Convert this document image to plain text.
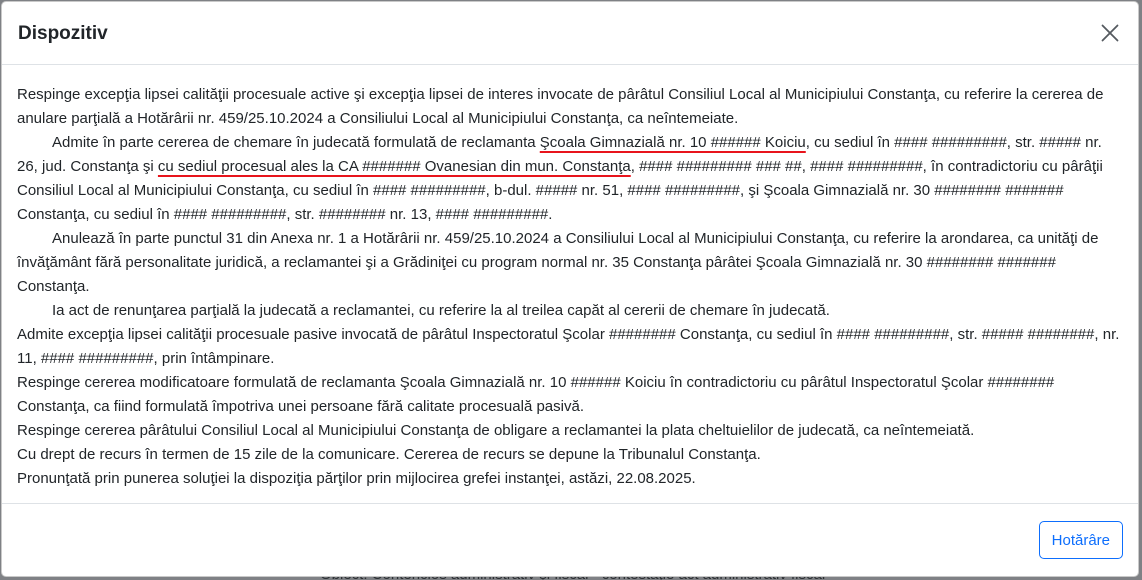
Dispozitiv

Respinge excepţia lipsei calităţii procesuale active şi excepţia lipsei de interes invocate de pârâtul Consiliul Local al Municipiului Constanţa, cu referire la cererea de anulare parţială a Hotărârii nr. 459/25.10.2024 a Consiliului Local al Municipiului Constanţa, ca neîntemeiate.

Admite în parte cererea de chemare în judecată formulată de reclamanta Şcoala Gimnazială nr. 10 ###### Koiciu, cu sediul în #### #########, str. ##### nr. 26, jud. Constanţa şi cu sediul procesual ales la CA ####### Ovanesian din mun. Constanţa, #### ######### ### ##, #### #########, în contradictoriu cu pârâţii Consiliul Local al Municipiului Constanţa, cu sediul în #### #########, b-dul. ##### nr. 51, #### #########, şi Şcoala Gimnazială nr. 30 ######## ####### Constanţa, cu sediul în #### #########, str. ######## nr. 13, #### #########.

Anulează în parte punctul 31 din Anexa nr. 1 a Hotărârii nr. 459/25.10.2024 a Consiliului Local al Municipiului Constanţa, cu referire la arondarea, ca unităţi de învăţământ fără personalitate juridică, a reclamantei şi a Grădiniţei cu program normal nr. 35 Constanţa pârâtei Şcoala Gimnazială nr. 30 ######## ####### Constanţa.

Ia act de renunţarea parţială la judecată a reclamantei, cu referire la al treilea capăt al cererii de chemare în judecată.

Admite excepţia lipsei calităţii procesuale pasive invocată de pârâtul Inspectoratul Şcolar ######## Constanţa, cu sediul în #### #########, str. ##### ########, nr. 11, #### #########, prin întâmpinare.

Respinge cererea modificatoare formulată de reclamanta Şcoala Gimnazială nr. 10 ###### Koiciu în contradictoriu cu pârâtul Inspectoratul Şcolar ######## Constanţa, ca fiind formulată împotriva unei persoane fără calitate procesuală pasivă.

Respinge cererea pârâtului Consiliul Local al Municipiului Constanţa de obligare a reclamantei la plata cheltuielilor de judecată, ca neîntemeiată.

Cu drept de recurs în termen de 15 zile de la comunicare. Cererea de recurs se depune la Tribunalul Constanţa.

Pronunţată prin punerea soluţiei la dispoziţia părţilor prin mijlocirea grefei instanţei, astăzi, 22.08.2025.

Hotărâre
